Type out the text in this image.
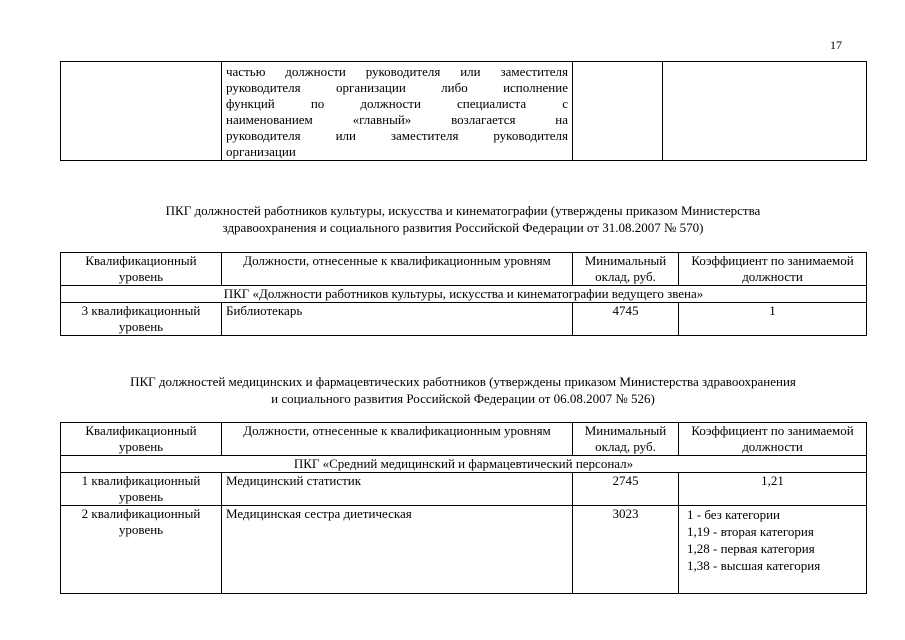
17

частью должности руководителя или заместителя
руководителя организации либо исполнение
функций по должности специалиста с
наименованием «главный» возлагается на
руководителя или заместителя руководителя
организации

ПКГ должностей работников культуры, искусства и кинематографии (утверждены приказом Министерства
здравоохранения и социального развития Российской Федерации от 31.08.2007 № 570)
Квалификационный уровень	Должности, отнесенные к квалификационным уровням	Минимальный оклад, руб.	Коэффициент по занимаемой должности
ПКГ «Должности работников культуры, искусства и кинематографии ведущего звена»			
3 квалификационный уровень	Библиотекарь	4745	1
ПКГ должностей медицинских и фармацевтических работников (утверждены приказом Министерства здравоохранения
и социального развития Российской Федерации от 06.08.2007 № 526)
Квалификационный уровень	Должности, отнесенные к квалификационным уровням	Минимальный оклад, руб.	Коэффициент по занимаемой должности
ПКГ «Средний медицинский и фармацевтический персонал»			
1 квалификационный уровень	Медицинский статистик	2745	1,21
2 квалификационный уровень	Медицинская сестра диетическая	3023	1 - без категории
1,19 - вторая категория
1,28 - первая категория
1,38 - высшая категория
